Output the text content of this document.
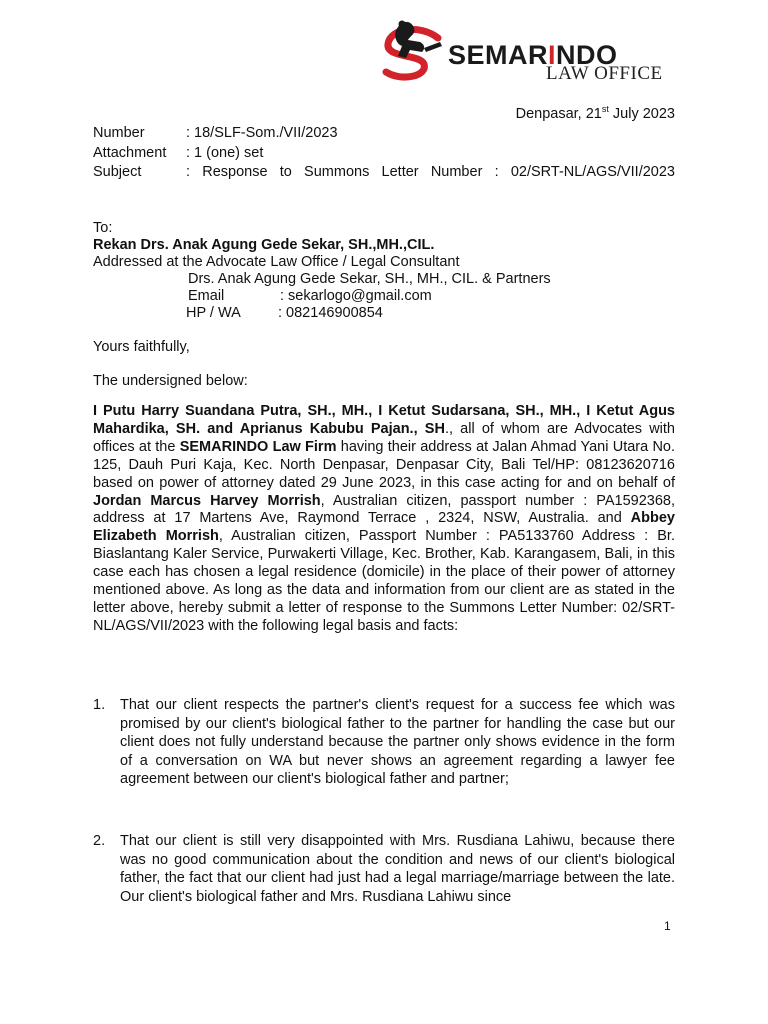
SEMARINDO
LAW OFFICE
Denpasar, 21st July 2023
Number	: 18/SLF-Som./VII/2023
Attachment	: 1 (one) set
Subject	: Response to Summons Letter Number : 02/SRT-NL/AGS/VII/2023
To:
Rekan Drs. Anak Agung Gede Sekar, SH.,MH.,CIL.
Addressed at the Advocate Law Office / Legal Consultant
Drs. Anak Agung Gede Sekar, SH., MH., CIL. & Partners
Email	: sekarlogo@gmail.com
HP / WA	: 082146900854
Yours faithfully,
The undersigned below:
I Putu Harry Suandana Putra, SH., MH., I Ketut Sudarsana, SH., MH., I Ketut Agus Mahardika, SH. and Aprianus Kabubu Pajan., SH., all of whom are Advocates with offices at the SEMARINDO Law Firm having their address at Jalan Ahmad Yani Utara No. 125, Dauh Puri Kaja, Kec. North Denpasar, Denpasar City, Bali Tel/HP: 08123620716 based on power of attorney dated 29 June 2023, in this case acting for and on behalf of Jordan Marcus Harvey Morrish, Australian citizen, passport number : PA1592368, address at 17 Martens Ave, Raymond Terrace , 2324, NSW, Australia. and Abbey Elizabeth Morrish, Australian citizen, Passport Number : PA5133760 Address : Br. Biaslantang Kaler Service, Purwakerti Village, Kec. Brother, Kab. Karangasem, Bali, in this case each has chosen a legal residence (domicile) in the place of their power of attorney mentioned above. As long as the data and information from our client are as stated in the letter above, hereby submit a letter of response to the Summons Letter Number: 02/SRT-NL/AGS/VII/2023 with the following legal basis and facts:
1.	That our client respects the partner's client's request for a success fee which was promised by our client's biological father to the partner for handling the case but our client does not fully understand because the partner only shows evidence in the form of a conversation on WA but never shows an agreement regarding a lawyer fee agreement between our client's biological father and partner;
2.	That our client is still very disappointed with Mrs. Rusdiana Lahiwu, because there was no good communication about the condition and news of our client's biological father, the fact that our client had just had a legal marriage/marriage between the late. Our client's biological father and Mrs. Rusdiana Lahiwu since
1
